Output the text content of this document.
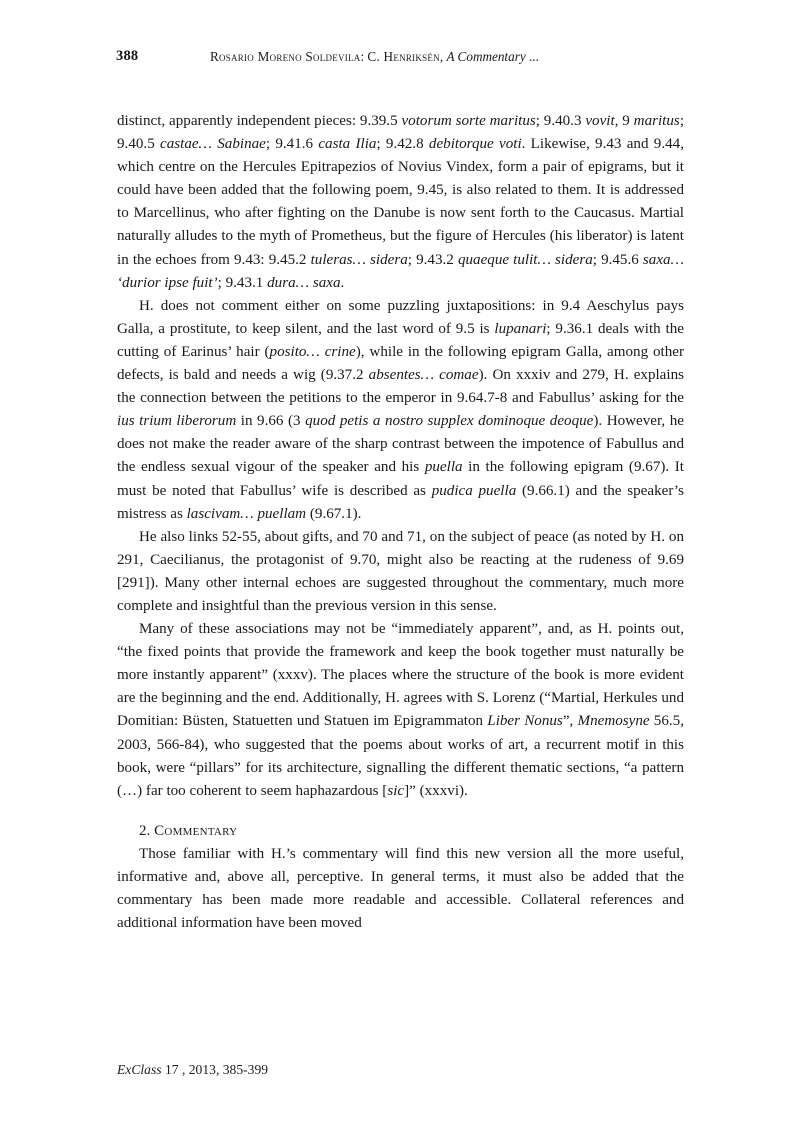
388	Rosario Moreno Soldevila: C. Henriksén, A Commentary ...

distinct, apparently independent pieces: 9.39.5 votorum sorte maritus; 9.40.3 vovit, 9 maritus; 9.40.5 castae… Sabinae; 9.41.6 casta Ilia; 9.42.8 debitorque voti. Likewise, 9.43 and 9.44, which centre on the Hercules Epitrapezios of Novius Vindex, form a pair of epigrams, but it could have been added that the following poem, 9.45, is also related to them. It is addressed to Marcellinus, who after fighting on the Danube is now sent forth to the Caucasus. Martial naturally alludes to the myth of Prometheus, but the figure of Hercules (his liberator) is latent in the echoes from 9.43: 9.45.2 tuleras… sidera; 9.43.2 quaeque tulit… sidera; 9.45.6 saxa… ‘durior ipse fuit’; 9.43.1 dura… saxa.

H. does not comment either on some puzzling juxtapositions: in 9.4 Aeschylus pays Galla, a prostitute, to keep silent, and the last word of 9.5 is lupanari; 9.36.1 deals with the cutting of Earinus’ hair (posito… crine), while in the following epigram Galla, among other defects, is bald and needs a wig (9.37.2 absentes… comae). On xxxiv and 279, H. explains the connection between the petitions to the emperor in 9.64.7-8 and Fabullus’ asking for the ius trium liberorum in 9.66 (3 quod petis a nostro supplex dominoque deoque). However, he does not make the reader aware of the sharp contrast between the impotence of Fabullus and the endless sexual vigour of the speaker and his puella in the following epigram (9.67). It must be noted that Fabullus’ wife is described as pudica puella (9.66.1) and the speaker’s mistress as lascivam… puellam (9.67.1).

He also links 52-55, about gifts, and 70 and 71, on the subject of peace (as noted by H. on 291, Caecilianus, the protagonist of 9.70, might also be reacting at the rudeness of 9.69 [291]). Many other internal echoes are suggested throughout the commentary, much more complete and insightful than the previous version in this sense.

Many of these associations may not be “immediately apparent”, and, as H. points out, “the fixed points that provide the framework and keep the book together must naturally be more instantly apparent” (xxxv). The places where the structure of the book is more evident are the beginning and the end. Additionally, H. agrees with S. Lorenz (“Martial, Herkules und Domitian: Büsten, Statuetten und Statuen im Epigrammaton Liber Nonus”, Mnemosyne 56.5, 2003, 566-84), who suggested that the poems about works of art, a recurrent motif in this book, were “pillars” for its architecture, signalling the different thematic sections, “a pattern (…) far too coherent to seem haphazardous [sic]” (xxxvi).

2. Commentary

Those familiar with H.’s commentary will find this new version all the more useful, informative and, above all, perceptive. In general terms, it must also be added that the commentary has been made more readable and accessible. Collateral references and additional information have been moved

ExClass 17 , 2013, 385-399
